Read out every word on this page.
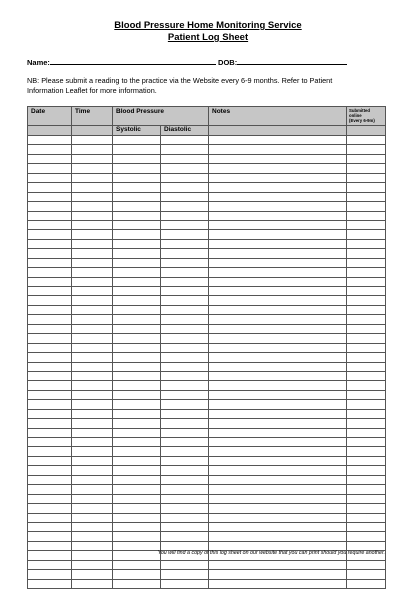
Blood Pressure Home Monitoring Service
Patient Log Sheet
Name:	DOB:
NB: Please submit a reading to the practice via the Website every 6-9 months. Refer to Patient
Information Leaflet for more information.
Date	Time	Blood Pressure		Notes	Submitted
online
(Every 6-9m)

		Systolic	Diastolic		

You will find a copy of this log sheet on our website that you can print should you require another.
